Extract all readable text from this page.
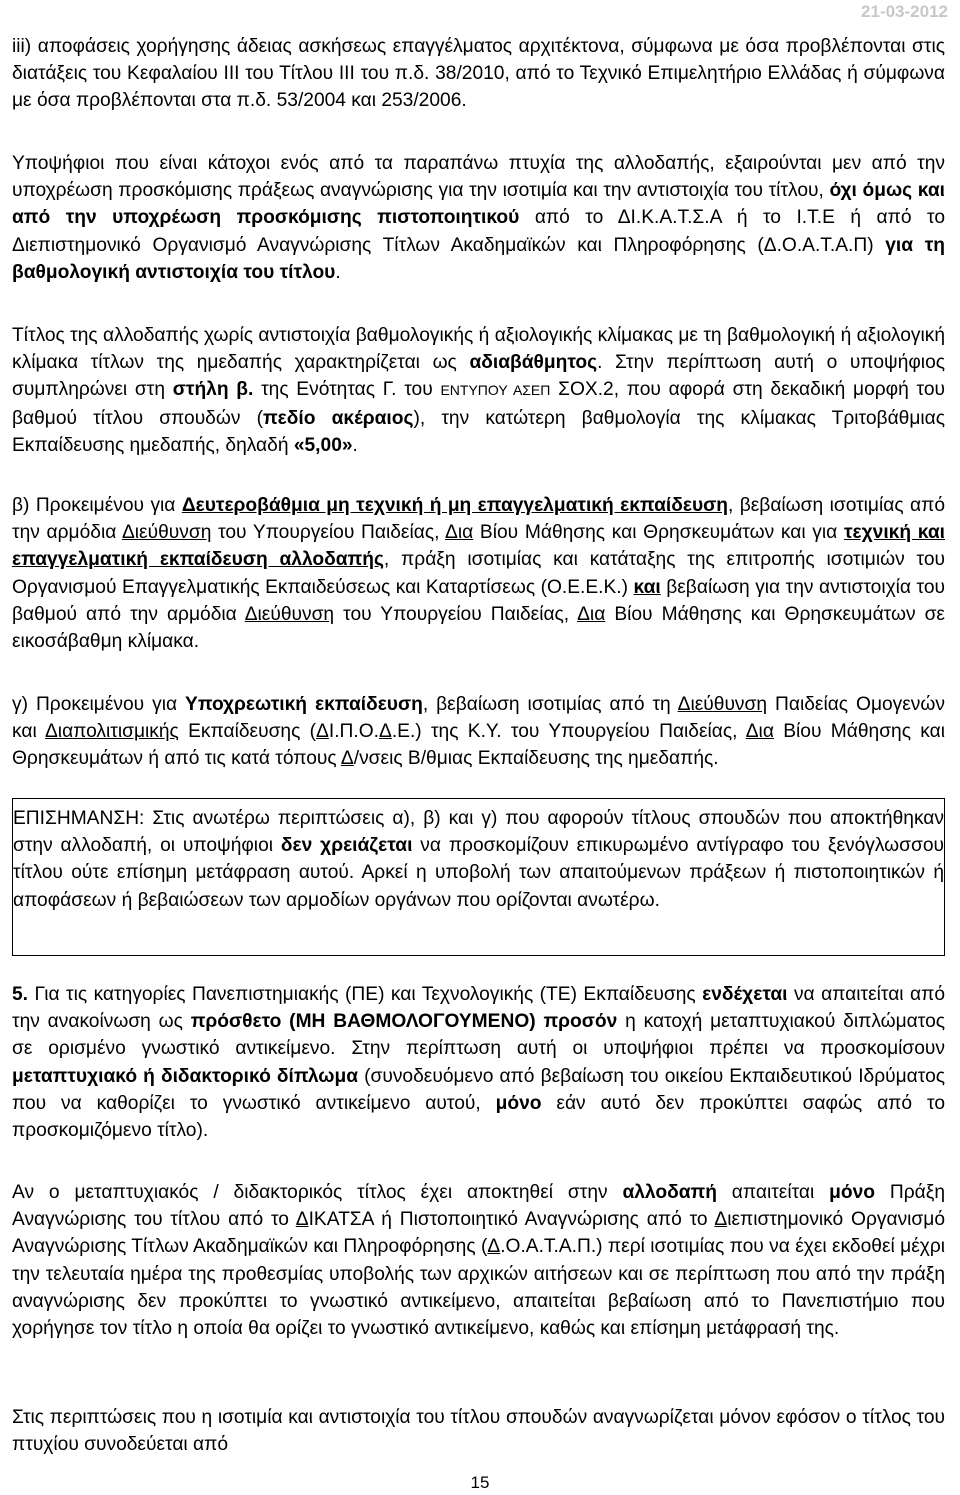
21-03-2012

iii) αποφάσεις χορήγησης άδειας ασκήσεως επαγγέλματος αρχιτέκτονα, σύμφωνα με όσα προβλέπονται στις διατάξεις του Κεφαλαίου ΙΙΙ του Τίτλου ΙΙΙ του π.δ. 38/2010, από το Τεχνικό Επιμελητήριο Ελλάδας ή σύμφωνα με όσα προβλέπονται στα π.δ. 53/2004 και 253/2006.

Υποψήφιοι που είναι κάτοχοι ενός από τα παραπάνω πτυχία της αλλοδαπής, εξαιρούνται μεν από την υποχρέωση προσκόμισης πράξεως αναγνώρισης για την ισοτιμία και την αντιστοιχία του τίτλου, όχι όμως και από την υποχρέωση προσκόμισης πιστοποιητικού από το ΔΙ.Κ.Α.Τ.Σ.Α ή το Ι.Τ.Ε ή από το Διεπιστημονικό Οργανισμό Αναγνώρισης Τίτλων Ακαδημαϊκών και Πληροφόρησης (Δ.Ο.Α.Τ.Α.Π) για τη βαθμολογική αντιστοιχία του τίτλου.

Τίτλος της αλλοδαπής χωρίς αντιστοιχία βαθμολογικής ή αξιολογικής κλίμακας με τη βαθμολογική ή αξιολογική κλίμακα τίτλων της ημεδαπής χαρακτηρίζεται ως αδιαβάθμητος. Στην περίπτωση αυτή ο υποψήφιος συμπληρώνει στη στήλη β. της Ενότητας Γ. του ΕΝΤΥΠΟΥ ΑΣΕΠ ΣΟΧ.2, που αφορά στη δεκαδική μορφή του βαθμού τίτλου σπουδών (πεδίο ακέραιος), την κατώτερη βαθμολογία της κλίμακας Τριτοβάθμιας Εκπαίδευσης ημεδαπής, δηλαδή «5,00».

β) Προκειμένου για Δευτεροβάθμια μη τεχνική ή μη επαγγελματική εκπαίδευση, βεβαίωση ισοτιμίας από την αρμόδια Διεύθυνση του Υπουργείου Παιδείας, Δια Βίου Μάθησης και Θρησκευμάτων και για τεχνική και επαγγελματική εκπαίδευση αλλοδαπής, πράξη ισοτιμίας και κατάταξης της επιτροπής ισοτιμιών του Οργανισμού Επαγγελματικής Εκπαιδεύσεως και Καταρτίσεως (Ο.Ε.Ε.Κ.) και βεβαίωση για την αντιστοιχία του βαθμού από την αρμόδια Διεύθυνση του Υπουργείου Παιδείας, Δια Βίου Μάθησης και Θρησκευμάτων σε εικοσάβαθμη κλίμακα.

γ) Προκειμένου για Υποχρεωτική εκπαίδευση, βεβαίωση ισοτιμίας από τη Διεύθυνση Παιδείας Ομογενών και Διαπολιτισμικής Εκπαίδευσης (ΔΙ.Π.Ο.Δ.Ε.) της Κ.Υ. του Υπουργείου Παιδείας, Δια Βίου Μάθησης και Θρησκευμάτων ή από τις κατά τόπους Δ/νσεις Β/θμιας Εκπαίδευσης της ημεδαπής.

ΕΠΙΣΗΜΑΝΣΗ: Στις ανωτέρω περιπτώσεις α), β) και γ) που αφορούν τίτλους σπουδών που αποκτήθηκαν στην αλλοδαπή, οι υποψήφιοι δεν χρειάζεται να προσκομίζουν επικυρωμένο αντίγραφο του ξενόγλωσσου τίτλου ούτε επίσημη μετάφραση αυτού. Αρκεί η υποβολή των απαιτούμενων πράξεων ή πιστοποιητικών ή αποφάσεων ή βεβαιώσεων των αρμοδίων οργάνων που ορίζονται ανωτέρω.

5. Για τις κατηγορίες Πανεπιστημιακής (ΠΕ) και Τεχνολογικής (ΤΕ) Εκπαίδευσης ενδέχεται να απαιτείται από την ανακοίνωση ως πρόσθετο (ΜΗ ΒΑΘΜΟΛΟΓΟΥΜΕΝΟ) προσόν η κατοχή μεταπτυχιακού διπλώματος σε ορισμένο γνωστικό αντικείμενο. Στην περίπτωση αυτή οι υποψήφιοι πρέπει να προσκομίσουν μεταπτυχιακό ή διδακτορικό δίπλωμα (συνοδευόμενο από βεβαίωση του οικείου Εκπαιδευτικού Ιδρύματος που να καθορίζει το γνωστικό αντικείμενο αυτού, μόνο εάν αυτό δεν προκύπτει σαφώς από το προσκομιζόμενο τίτλο).

Αν ο μεταπτυχιακός / διδακτορικός τίτλος έχει αποκτηθεί στην αλλοδαπή απαιτείται μόνο Πράξη Αναγνώρισης του τίτλου από το ΔΙΚΑΤΣΑ ή Πιστοποιητικό Αναγνώρισης από το Διεπιστημονικό Οργανισμό Αναγνώρισης Τίτλων Ακαδημαϊκών και Πληροφόρησης (Δ.Ο.Α.Τ.Α.Π.) περί ισοτιμίας που να έχει εκδοθεί μέχρι την τελευταία ημέρα της προθεσμίας υποβολής των αρχικών αιτήσεων και σε περίπτωση που από την πράξη αναγνώρισης δεν προκύπτει το γνωστικό αντικείμενο, απαιτείται βεβαίωση από το Πανεπιστήμιο που χορήγησε τον τίτλο η οποία θα ορίζει το γνωστικό αντικείμενο, καθώς και επίσημη μετάφρασή της.

Στις περιπτώσεις που η ισοτιμία και αντιστοιχία του τίτλου σπουδών αναγνωρίζεται μόνον εφόσον ο τίτλος του πτυχίου συνοδεύεται από

15
